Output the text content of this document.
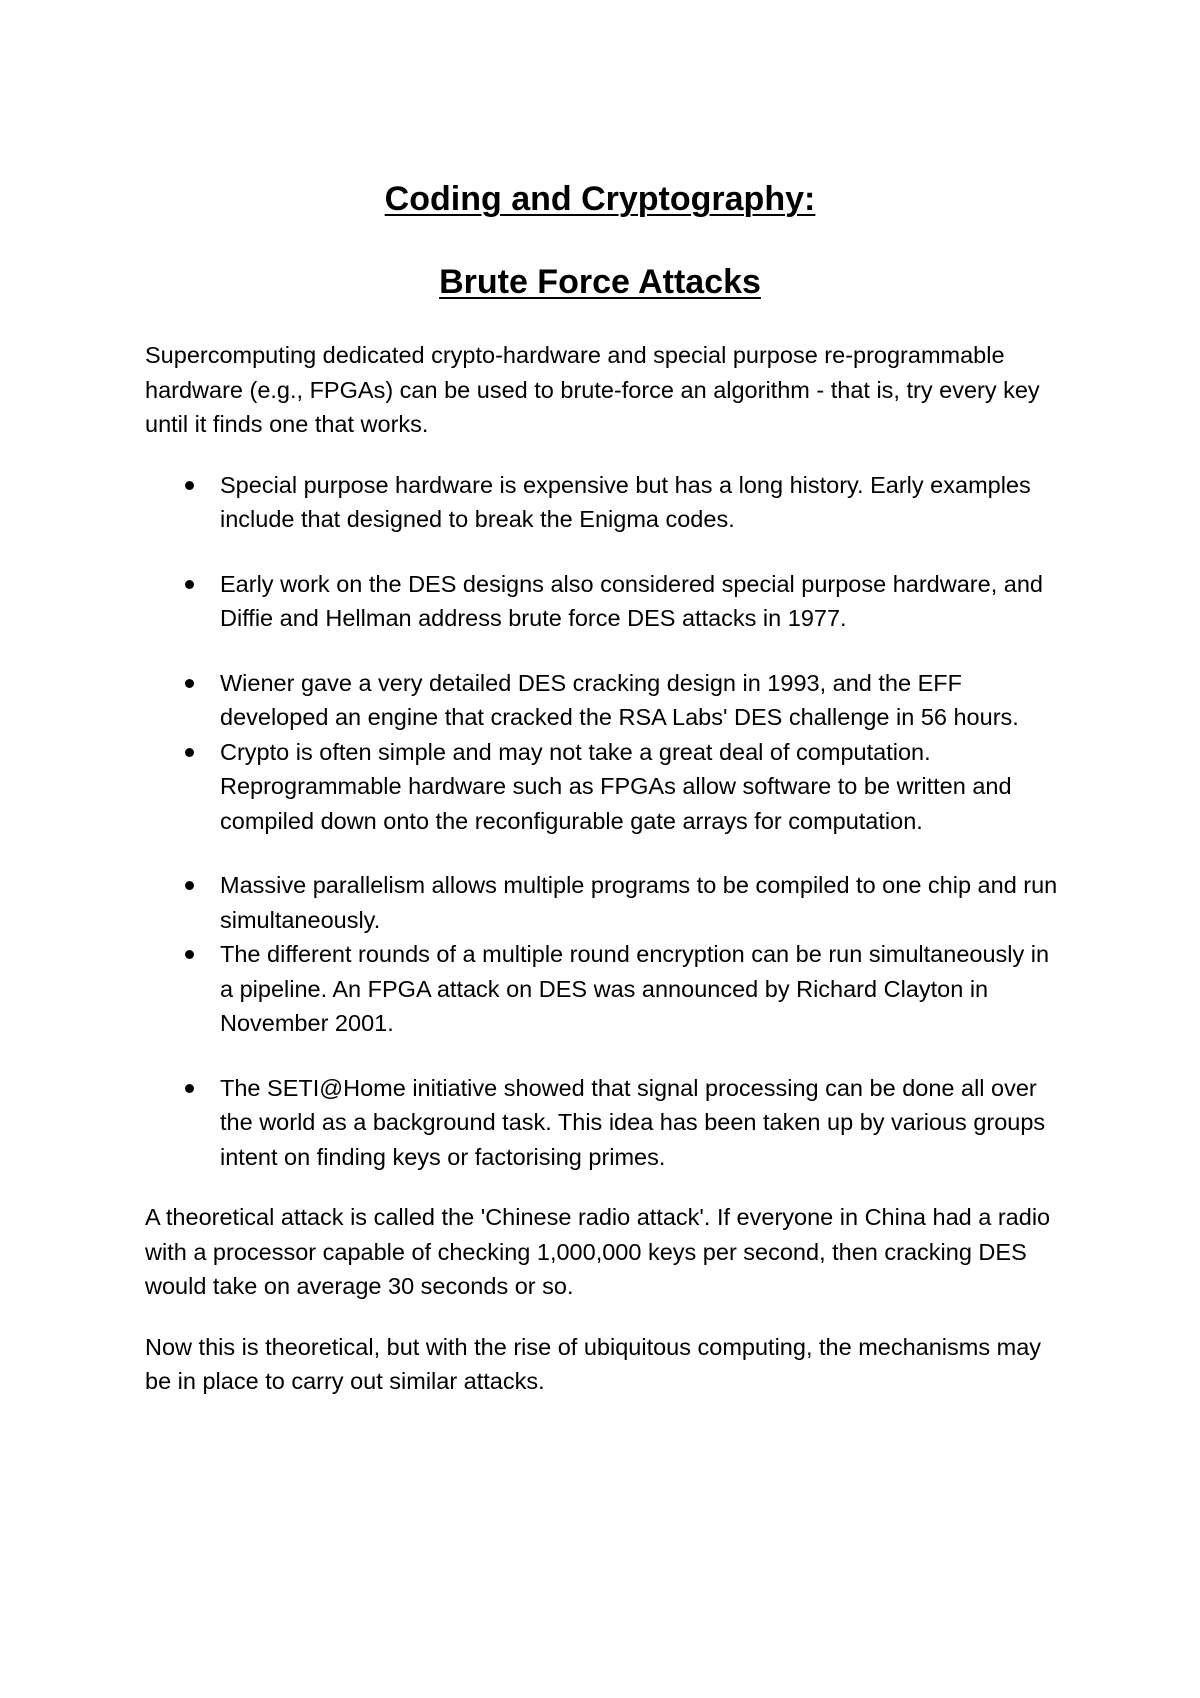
Coding and Cryptography:
Brute Force Attacks

Supercomputing dedicated crypto-hardware and special purpose re-programmable hardware (e.g., FPGAs) can be used to brute-force an algorithm - that is, try every key until it finds one that works.

Special purpose hardware is expensive but has a long history. Early examples include that designed to break the Enigma codes.
Early work on the DES designs also considered special purpose hardware, and Diffie and Hellman address brute force DES attacks in 1977.
Wiener gave a very detailed DES cracking design in 1993, and the EFF developed an engine that cracked the RSA Labs' DES challenge in 56 hours.
Crypto is often simple and may not take a great deal of computation. Reprogrammable hardware such as FPGAs allow software to be written and compiled down onto the reconfigurable gate arrays for computation.
Massive parallelism allows multiple programs to be compiled to one chip and run simultaneously.
The different rounds of a multiple round encryption can be run simultaneously in a pipeline. An FPGA attack on DES was announced by Richard Clayton in November 2001.
The SETI@Home initiative showed that signal processing can be done all over the world as a background task. This idea has been taken up by various groups intent on finding keys or factorising primes.

A theoretical attack is called the 'Chinese radio attack'. If everyone in China had a radio with a processor capable of checking 1,000,000 keys per second, then cracking DES would take on average 30 seconds or so.

Now this is theoretical, but with the rise of ubiquitous computing, the mechanisms may be in place to carry out similar attacks.
